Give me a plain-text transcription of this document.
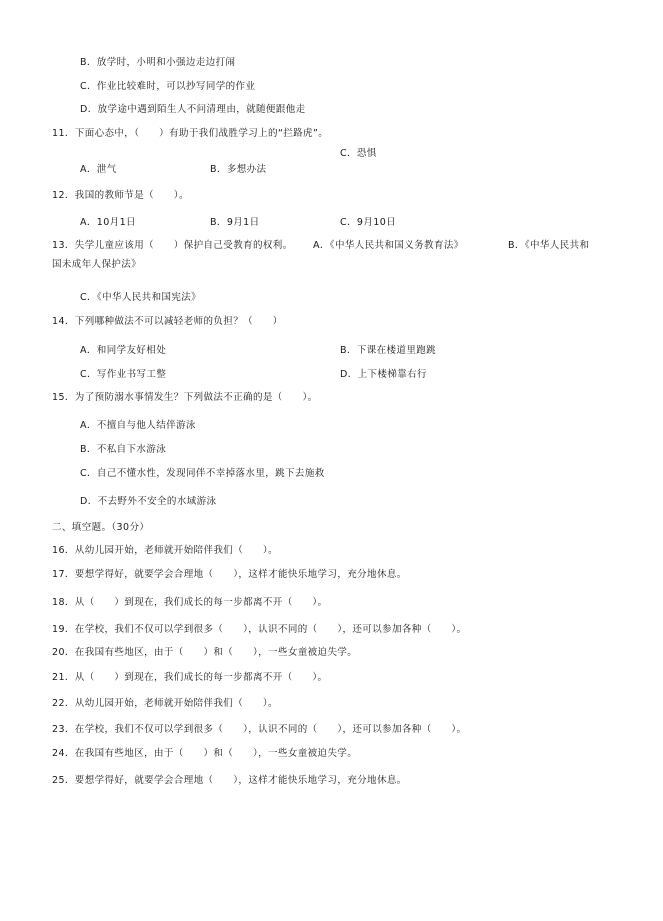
B．放学时，小明和小强边走边打闹
C．作业比较难时，可以抄写同学的作业
D．放学途中遇到陌生人不问清理由，就随便跟他走
11．下面心态中，（　　）有助于我们战胜学习上的“拦路虎”。
C．恐惧
A．泄气	B．多想办法
12．我国的教师节是（　　）。
A．10月1日	B．9月1日	C．9月10日
13．失学儿童应该用（　　）保护自己受教育的权利。 A．《中华人民共和国义务教育法》	B．《中华人民共和
国未成年人保护法》
C．《中华人民共和国宪法》
14．下列哪种做法不可以减轻老师的负担？（　　）
A．和同学友好相处	B．下课在楼道里跑跳
C．写作业书写工整	D．上下楼梯靠右行
15．为了预防溺水事情发生？下列做法不正确的是（　　）。
A．不擅自与他人结伴游泳
B．不私自下水游泳
C．自己不懂水性，发现同伴不幸掉落水里，跳下去施救
D．不去野外不安全的水域游泳
二、填空题。（30分）
16．从幼儿园开始，老师就开始陪伴我们（　　）。
17．要想学得好，就要学会合理地（　　），这样才能快乐地学习，充分地休息。
18．从（　　）到现在，我们成长的每一步都离不开（　　）。
19．在学校，我们不仅可以学到很多（　　），认识不同的（　　），还可以参加各种（　　）。
20．在我国有些地区，由于（　　）和（　　），一些女童被迫失学。
21．从（　　）到现在，我们成长的每一步都离不开（　　）。
22．从幼儿园开始，老师就开始陪伴我们（　　）。
23．在学校，我们不仅可以学到很多（　　），认识不同的（　　），还可以参加各种（　　）。
24．在我国有些地区，由于（　　）和（　　），一些女童被迫失学。
25．要想学得好，就要学会合理地（　　），这样才能快乐地学习，充分地休息。
